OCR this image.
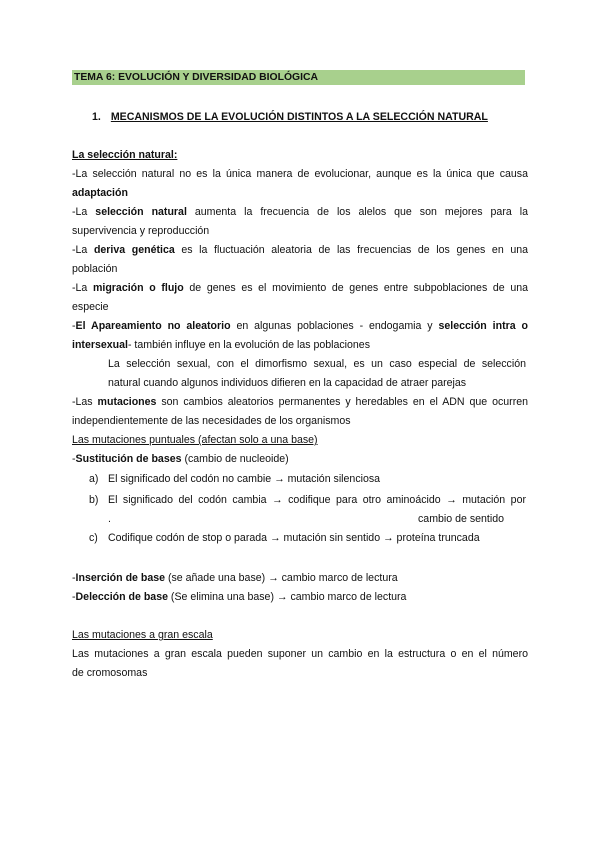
TEMA 6: EVOLUCIÓN Y DIVERSIDAD BIOLÓGICA
1. MECANISMOS DE LA EVOLUCIÓN DISTINTOS A LA SELECCIÓN NATURAL
La selección natural:
-La selección natural no es la única manera de evolucionar, aunque es la única que causa
adaptación
-La selección natural aumenta la frecuencia de los alelos que son mejores para la
supervivencia y reproducción
-La deriva genética es la fluctuación aleatoria de las frecuencias de los genes en una
población
-La migración o flujo de genes es el movimiento de genes entre subpoblaciones de una
especie
-El Apareamiento no aleatorio en algunas poblaciones - endogamia y selección intra o
intersexual- también influye en la evolución de las poblaciones
La selección sexual, con el dimorfismo sexual, es un caso especial de selección
natural cuando algunos individuos difieren en la capacidad de atraer parejas
-Las mutaciones son cambios aleatorios permanentes y heredables en el ADN que ocurren
independientemente de las necesidades de los organismos
Las mutaciones puntuales (afectan solo a una base)
-Sustitución de bases (cambio de nucleoide)
a) El significado del codón no cambie → mutación silenciosa
b) El significado del codón cambia → codifique para otro aminoácido → mutación por
.	cambio de sentido
c) Codifique codón de stop o parada → mutación sin sentido → proteína truncada
-Inserción de base (se añade una base) → cambio marco de lectura
-Delección de base (Se elimina una base) → cambio marco de lectura
Las mutaciones a gran escala
Las mutaciones a gran escala pueden suponer un cambio en la estructura o en el número
de cromosomas
